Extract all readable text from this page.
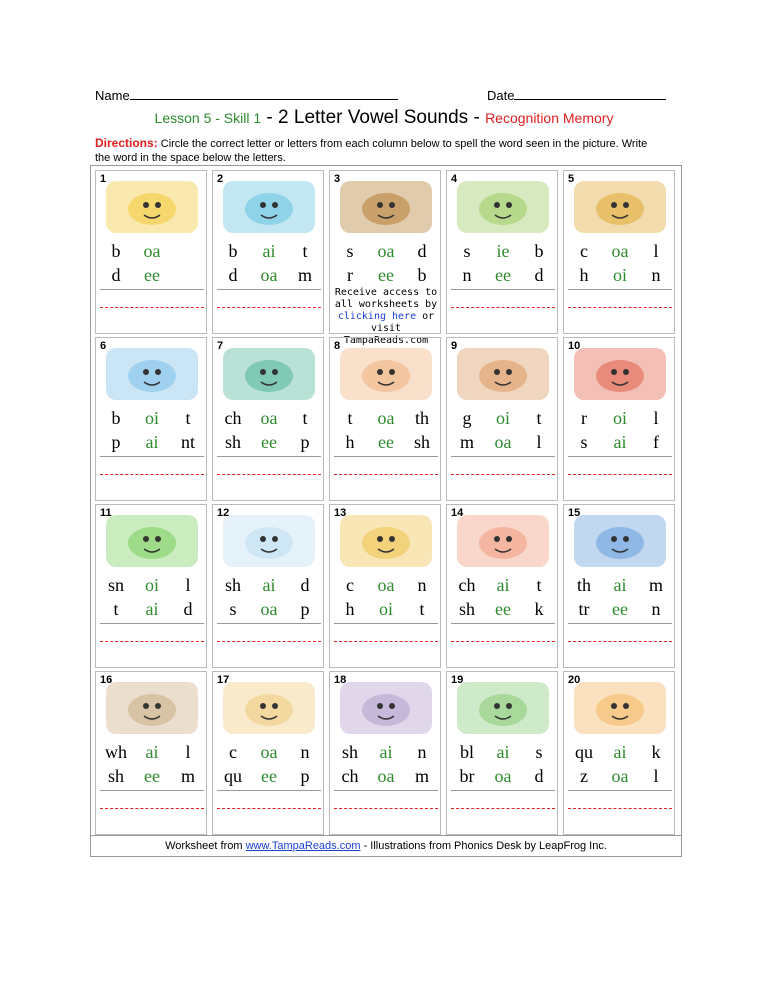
Name	Date
Lesson 5 - Skill 1 - 2 Letter Vowel Sounds - Recognition Memory
Directions: Circle the correct letter or letters from each column below to spell the word seen in the picture. Write the word in the space below the letters.
Worksheet from www.TampaReads.com - Illustrations from Phonics Desk by LeapFrog Inc.
1
b	oa
d	ee
2
b	ai	t
d	oa	m
3
s	oa	d
r	ee	b
Receive access to
all worksheets by
clicking here or visit
TampaReads.com
4
s	ie	b
n	ee	d
5
c	oa	l
h	oi	n
6
b	oi	t
p	ai	nt
7
ch	oa	t
sh	ee	p
8
t	oa	th
h	ee	sh
9
g	oi	t
m	oa	l
10
r	oi	l
s	ai	f
11
sn	oi	l
t	ai	d
12
sh	ai	d
s	oa	p
13
c	oa	n
h	oi	t
14
ch	ai	t
sh	ee	k
15
th	ai	m
tr	ee	n
16
wh	ai	l
sh	ee	m
17
c	oa	n
qu	ee	p
18
sh	ai	n
ch	oa	m
19
bl	ai	s
br	oa	d
20
qu	ai	k
z	oa	l
